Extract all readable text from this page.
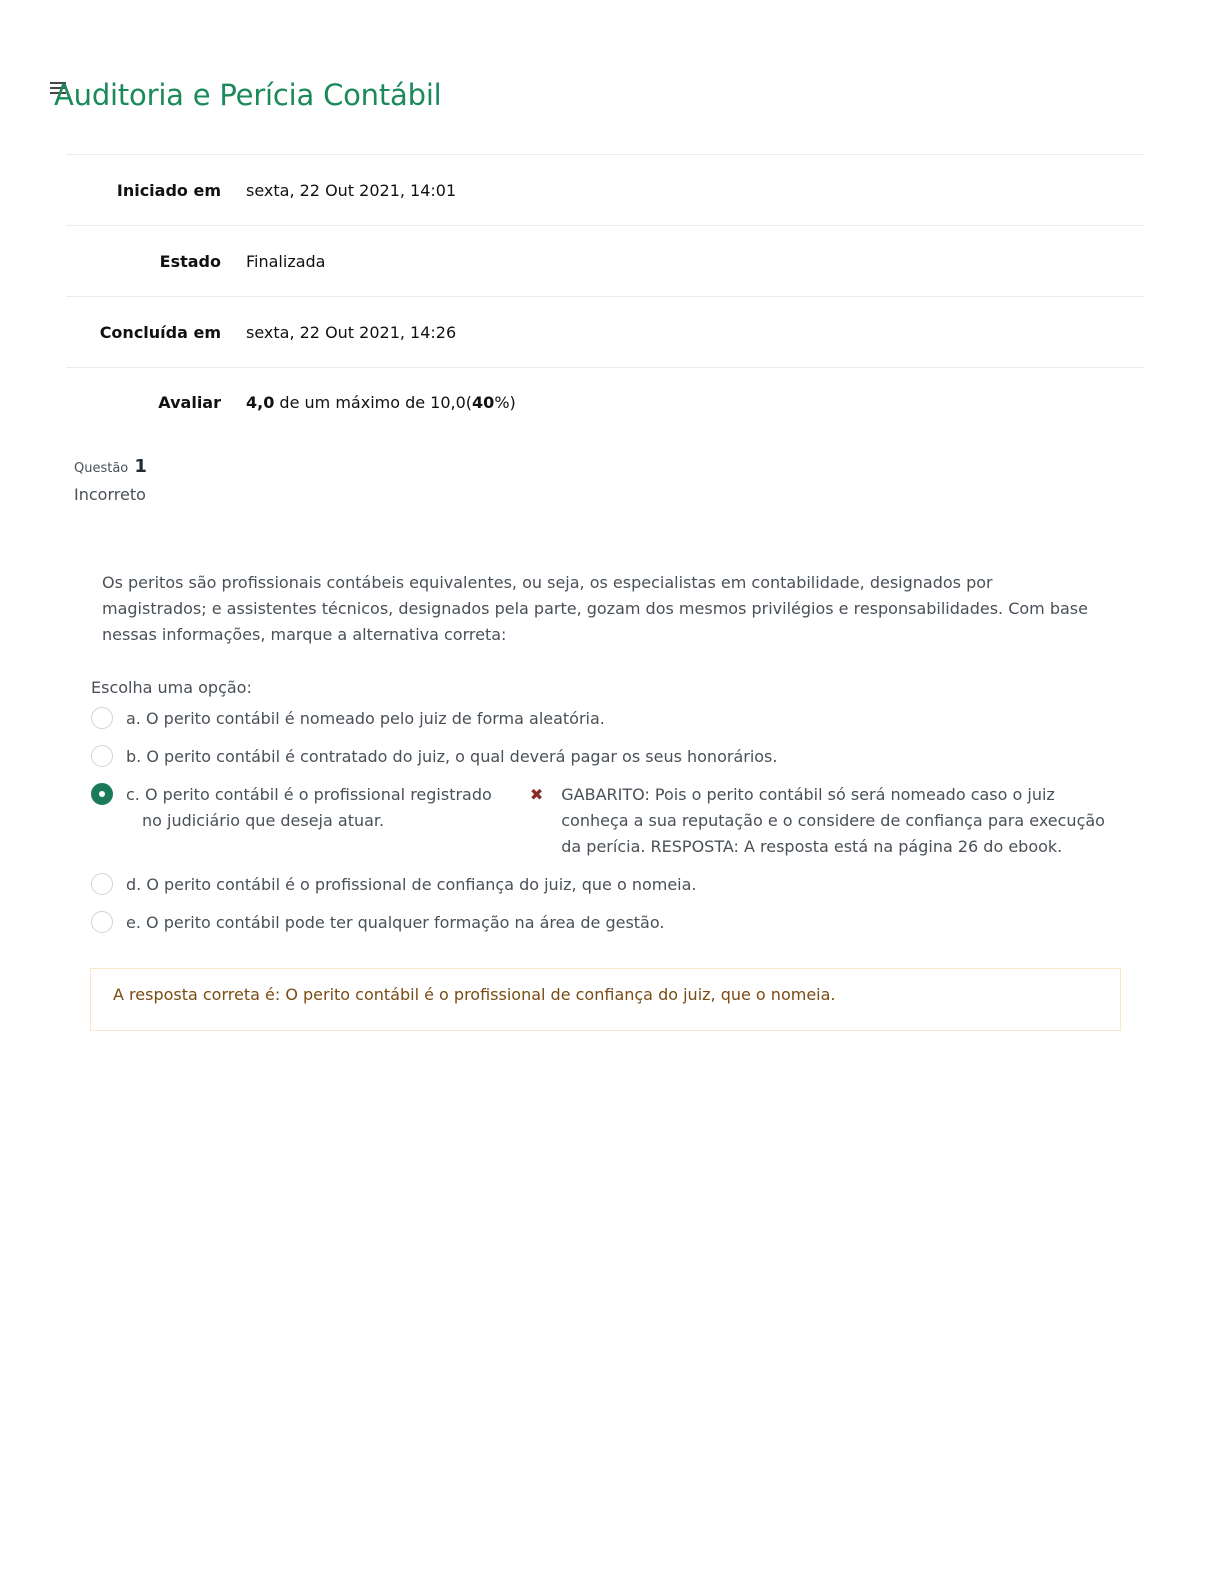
Auditoria e Perícia Contábil
Iniciado em sexta, 22 Out 2021, 14:01
Estado Finalizada
Concluída em sexta, 22 Out 2021, 14:26
Avaliar 4,0 de um máximo de 10,0(40%)
Questão 1
Incorreto
Os peritos são profissionais contábeis equivalentes, ou seja, os especialistas em contabilidade, designados por magistrados; e assistentes técnicos, designados pela parte, gozam dos mesmos privilégios e responsabilidades. Com base nessas informações, marque a alternativa correta:
Escolha uma opção:
a. O perito contábil é nomeado pelo juiz de forma aleatória.
b. O perito contábil é contratado do juiz, o qual deverá pagar os seus honorários.
c. O perito contábil é o profissional registrado no judiciário que deseja atuar.
✖ GABARITO: Pois o perito contábil só será nomeado caso o juiz conheça a sua reputação e o considere de confiança para execução da perícia. RESPOSTA: A resposta está na página 26 do ebook.
d. O perito contábil é o profissional de confiança do juiz, que o nomeia.
e. O perito contábil pode ter qualquer formação na área de gestão.
A resposta correta é: O perito contábil é o profissional de confiança do juiz, que o nomeia.
